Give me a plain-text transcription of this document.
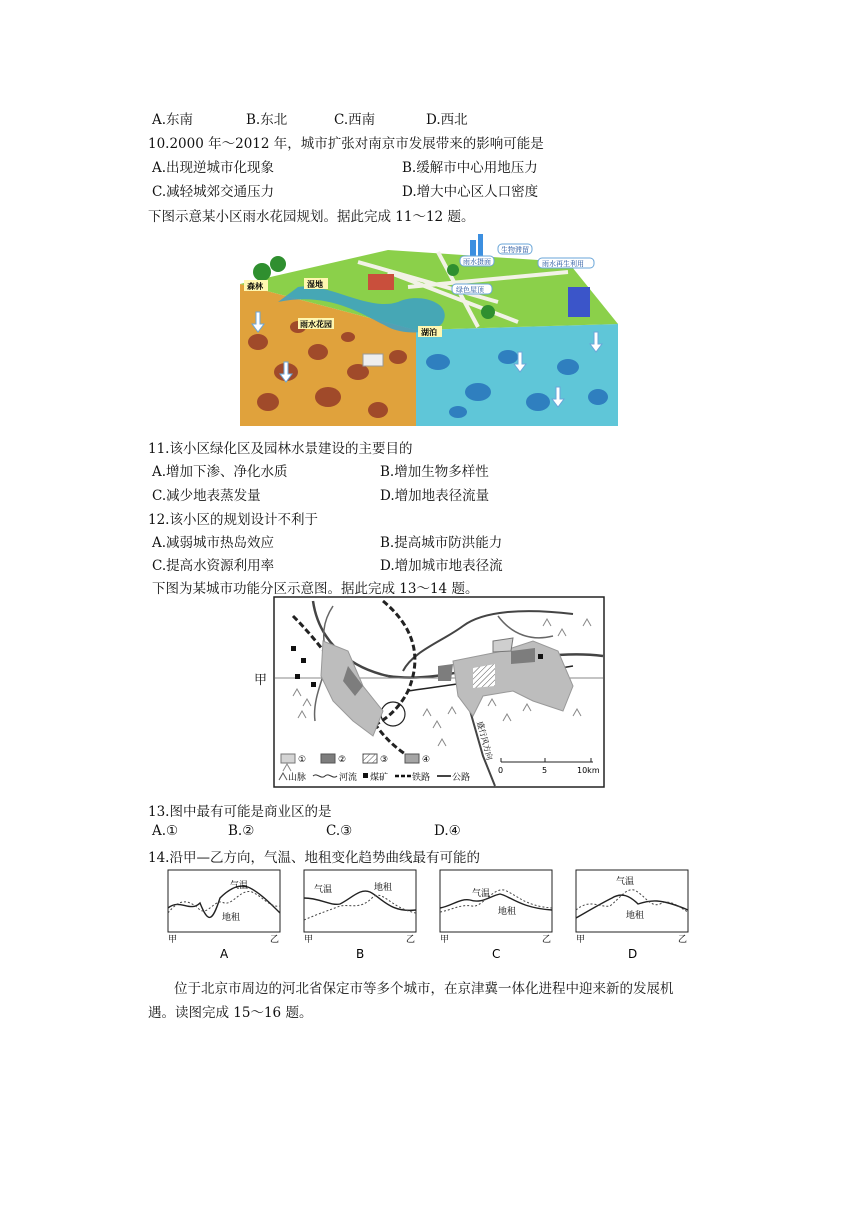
A.东南	B.东北	C.西南	D.西北
10.2000 年～2012 年，城市扩张对南京市发展带来的影响可能是
A.出现逆城市化现象	B.缓解市中心用地压力
C.减轻城郊交通压力	D.增大中心区人口密度
下图示意某小区雨水花园规划。据此完成 11～12 题。
森林	湿地
雨水花园
湖泊
雨水摄面
生物滞留
雨水再生利用
绿色屋顶
11.该小区绿化区及园林水景建设的主要目的
A.增加下渗、净化水质	B.增加生物多样性
C.减少地表蒸发量	D.增加地表径流量
12.该小区的规划设计不利于
A.减弱城市热岛效应	B.提高城市防洪能力
C.提高水资源利用率	D.增加城市地表径流
下图为某城市功能分区示意图。据此完成 13～14 题。
甲
①	②	③	④
山脉	河流 煤矿	铁路 公路
盛行风方向
0	5	10km
13.图中最有可能是商业区的是
A.①	B.②	C.③	D.④
14.沿甲—乙方向，气温、地租变化趋势曲线最有可能的
气温
地租
甲	乙
A
气温	地租
甲	乙
B
气温
地租
甲	乙
C
气温
地租
甲	乙
D
位于北京市周边的河北省保定市等多个城市，在京津冀一体化进程中迎来新的发展机
遇。读图完成 15～16 题。
